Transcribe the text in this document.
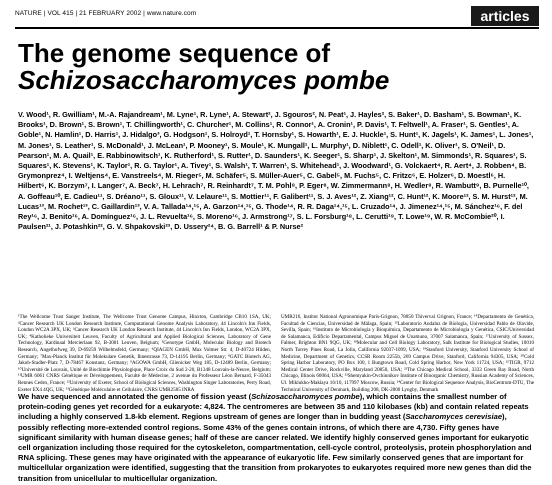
NATURE | VOL 415 | 21 FEBRUARY 2002 | www.nature.com	articles
The genome sequence of
Schizosaccharomyces pombe
V. Wood¹, R. Gwilliam¹, M.-A. Rajandream¹, M. Lyne¹, R. Lyne¹, A. Stewart², J. Sgouros², N. Peat¹, J. Hayles², S. Baker¹, D. Basham¹, S. Bowman¹, K. Brooks¹, D. Brown¹, S. Brown¹, T. Chillingworth¹, C. Churcher¹, M. Collins¹, R. Connor¹, A. Cronin¹, P. Davis¹, T. Feltwell¹, A. Fraser¹, S. Gentles¹, A. Goble¹, N. Hamlin¹, D. Harris¹, J. Hidalgo³, G. Hodgson¹, S. Holroyd¹, T. Hornsby¹, S. Howarth¹, E. J. Huckle¹, S. Hunt¹, K. Jagels¹, K. James¹, L. Jones¹, M. Jones¹, S. Leather¹, S. McDonald¹, J. McLean¹, P. Mooney¹, S. Moule¹, K. Mungall¹, L. Murphy¹, D. Niblett¹, C. Odell¹, K. Oliver¹, S. O'Neil¹, D. Pearson¹, M. A. Quail¹, E. Rabbinowitsch¹, K. Rutherford¹, S. Rutter¹, D. Saunders¹, K. Seeger¹, S. Sharp¹, J. Skelton¹, M. Simmonds¹, R. Squares¹, S. Squares¹, K. Stevens¹, K. Taylor¹, R. G. Taylor¹, A. Tivey¹, S. Walsh¹, T. Warren¹, S. Whitehead¹, J. Woodward¹, G. Volckaert⁴, R. Aert⁴, J. Robben⁴, B. Grymonprez⁴, I. Weltjens⁴, E. Vanstreels⁴, M. Rieger⁵, M. Schäfer⁵, S. Müller-Auer⁵, C. Gabel⁵, M. Fuchs⁵, C. Fritzc⁶, E. Holzer⁶, D. Moestl⁶, H. Hilbert⁶, K. Borzym⁷, I. Langer⁷, A. Beck⁷, H. Lehrach⁷, R. Reinhardt⁷, T. M. Pohl⁸, P. Eger⁸, W. Zimmermann⁸, H. Wedler⁸, R. Wambutt⁹, B. Purnelle¹⁰, A. Goffeau¹⁰, E. Cadieu¹¹, S. Dréano¹¹, S. Gloux¹¹, V. Lelaure¹¹, S. Mottier¹¹, F. Galibert¹¹, S. J. Aves¹², Z. Xiang¹², C. Hunt¹², K. Moore¹², S. M. Hurst¹², M. Lucas¹³, M. Rochet¹³, C. Gaillardin¹³, V. A. Tallada¹⁴,¹⁵, A. Garzon¹⁴,¹⁵, G. Thode¹⁴, R. R. Daga¹⁴,¹⁵, L. Cruzado¹⁴, J. Jimenez¹⁴,¹⁵, M. Sánchez¹⁶, F. del Rey¹⁶, J. Benito¹⁶, A. Domínguez¹⁶, J. L. Revuelta¹⁶, S. Moreno¹⁶, J. Armstrong¹⁷, S. L. Forsburg¹⁸, L. Cerutti¹⁹, T. Lowe¹⁹, W. R. McCombie²⁰, I. Paulsen²¹, J. Potashkin²², G. V. Shpakovski²³, D. Ussery²⁴, B. G. Barrell¹ & P. Nurse²
¹The Wellcome Trust Sanger Institute, The Wellcome Trust Genome Campus, Hinxton, Cambridge CB10 1SA, UK; ²Cancer Research UK London Research Institute, Computational Genome Analysis Laboratory, 44 Lincoln's Inn Fields, London WC2A 3PX, UK; ³Cancer Research UK London Research Institute, 44 Lincoln's Inn Fields, London, WC2A 3PX, UK; ⁴Katholieke Universiteit Leuven, Faculty of Agricultural and Applied Biological Sciences, Laboratory of Gene Technology, Kardinaal Mercierlaan 92, B-3001 Leuven, Belgium; ⁵Genotype GmbH, Molecular Biology and Biotech Research, Angelhofweg 39, D-69259 Wilhelmsfeld, Germany; ⁶QIAGEN GmbH, Max Volmer Str. 4, D-40724 Hilden, Germany; ⁷Max-Planck Institut für Molekulare Genetik, Ihnestrasse 73, D-14195 Berlin, Germany; ⁸GATC Biotech AG, Jakob-Stadler-Platz 7, D-78467 Konstanz, Germany; ⁹AGOWA GmbH, Glienicker Weg 185, D-12489 Berlin, Germany; ¹⁰Université de Louvain, Unité de Biochimie Physiologique, Place Croix du Sud 2-20, B1348 Louvain-la-Neuve, Belgium; ¹¹UMR 6061 CNRS Génétique et Développement, Faculté de Médecine, 2 avenue du Professeur Léon Bernard, F-35043 Rennes Cedex, France; ¹²University of Exeter, School of Biological Sciences, Washington Singer Laboratories, Perry Road, Exeter EX4 4QG, UK; ¹³Génétique Moléculaire et Cellulaire, CNRS UMR2585 INRA
UMR216, Institut National Agronomique Paris-Grignon, 78850 Thiverval Grignon, France; ¹⁴Departamento de Genética, Facultad de Ciencias, Universidad de Málaga, Spain; ¹⁵Laboratorio Andaluz de Biología, Universidad Pablo de Olavide, Sevilla, Spain; ¹⁶Instituto de Microbiología y Bioquímica, Departamento de Microbiología y Genética, CSIC/Universidad de Salamanca, Edificio Departamental, Campus Miguel de Unamuno, 37007 Salamanca, Spain; ¹⁷University of Sussex, Falmer, Brighton BN1 9QG, UK; ¹⁸Molecular and Cell Biology Laboratory, Salk Institute for Biological Studies, 10010 North Torrey Pines Road, La Jolla, California 92037-1099, USA; ¹⁹Stanford University, Stanford University School of Medicine, Department of Genetics, CCSR Room 2255b, 269 Campus Drive, Stanford, California 94305, USA; ²⁰Cold Spring Harbor Laboratory, PO Box 100, 1 Bungtown Road, Cold Spring Harbor, New York 11724, USA; ²¹TIGR, 9712 Medical Center Drive, Rockville, Maryland 20850, USA; ²²The Chicago Medical School, 3333 Green Bay Road, North Chicago, Illinois 60064, USA; ²³Shemyakin-Ovchinnikov Institute of Bioorganic Chemistry, Russian Academy of Sciences, Ul. Miklukho-Maklaya 16/10, 117997 Moscow, Russia; ²⁴Center for Biological Sequence Analysis, BioCentrum-DTU, The Technical University of Denmark, Building 208, DK-2800 Lyngby, Denmark
We have sequenced and annotated the genome of fission yeast (Schizosaccharomyces pombe), which contains the smallest number of protein-coding genes yet recorded for a eukaryote: 4,824. The centromeres are between 35 and 110 kilobases (kb) and contain related repeats including a highly conserved 1.8-kb element. Regions upstream of genes are longer than in budding yeast (Saccharomyces cerevisiae), possibly reflecting more-extended control regions. Some 43% of the genes contain introns, of which there are 4,730. Fifty genes have significant similarity with human disease genes; half of these are cancer related. We identify highly conserved genes important for eukaryotic cell organization including those required for the cytoskeleton, compartmentation, cell-cycle control, proteolysis, protein phosphorylation and RNA splicing. These genes may have originated with the appearance of eukaryotic life. Few similarly conserved genes that are important for multicellular organization were identified, suggesting that the transition from prokaryotes to eukaryotes required more new genes than did the transition from unicellular to multicellular organization.
